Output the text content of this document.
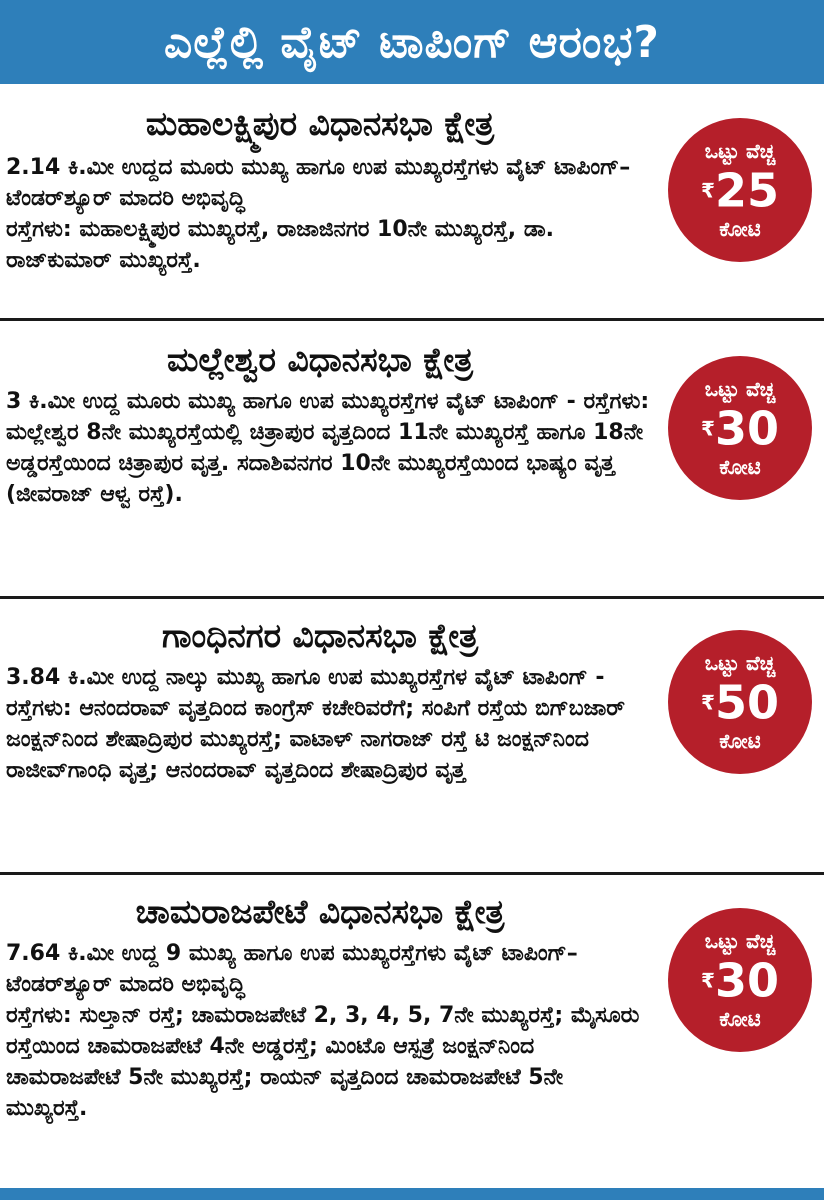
ಎಲ್ಲೆಲ್ಲಿ ವೈಟ್ ಟಾಪಿಂಗ್ ಆರಂಭ?
ಮಹಾಲಕ್ಷ್ಮಿಪುರ ವಿಧಾನಸಭಾ ಕ್ಷೇತ್ರ

2.14 ಕಿ.ಮೀ ಉದ್ದದ ಮೂರು ಮುಖ್ಯ ಹಾಗೂ ಉಪ ಮುಖ್ಯರಸ್ತೆಗಳು ವೈಟ್ ಟಾಪಿಂಗ್– ಟೆಂಡರ್‌ಶ್ಯೂರ್ ಮಾದರಿ ಅಭಿವೃದ್ಧಿ

ರಸ್ತೆಗಳು: ಮಹಾಲಕ್ಷ್ಮಿಪುರ ಮುಖ್ಯರಸ್ತೆ, ರಾಜಾಜಿನಗರ 10ನೇ ಮುಖ್ಯರಸ್ತೆ, ಡಾ. ರಾಜ್‌ಕುಮಾರ್ ಮುಖ್ಯರಸ್ತೆ.

ಒಟ್ಟು ವೆಚ್ಚ
₹25
ಕೋಟಿ
ಮಲ್ಲೇಶ್ವರ ವಿಧಾನಸಭಾ ಕ್ಷೇತ್ರ

3 ಕಿ.ಮೀ ಉದ್ದ ಮೂರು ಮುಖ್ಯ ಹಾಗೂ ಉಪ ಮುಖ್ಯರಸ್ತೆಗಳ ವೈಟ್ ಟಾಪಿಂಗ್ - ರಸ್ತೆಗಳು: ಮಲ್ಲೇಶ್ವರ 8ನೇ ಮುಖ್ಯರಸ್ತೆಯಲ್ಲಿ ಚಿತ್ರಾಪುರ ವೃತ್ತದಿಂದ 11ನೇ ಮುಖ್ಯರಸ್ತೆ ಹಾಗೂ 18ನೇ ಅಡ್ಡರಸ್ತೆಯಿಂದ ಚಿತ್ರಾಪುರ ವೃತ್ತ. ಸದಾಶಿವನಗರ 10ನೇ ಮುಖ್ಯರಸ್ತೆಯಿಂದ ಭಾಷ್ಯಂ ವೃತ್ತ (ಜೀವರಾಜ್ ಆಳ್ವ ರಸ್ತೆ).

ಒಟ್ಟು ವೆಚ್ಚ
₹30
ಕೋಟಿ
ಗಾಂಧಿನಗರ ವಿಧಾನಸಭಾ ಕ್ಷೇತ್ರ

3.84 ಕಿ.ಮೀ ಉದ್ದ ನಾಲ್ಕು ಮುಖ್ಯ ಹಾಗೂ ಉಪ ಮುಖ್ಯರಸ್ತೆಗಳ ವೈಟ್ ಟಾಪಿಂಗ್ - ರಸ್ತೆಗಳು: ಆನಂದರಾವ್ ವೃತ್ತದಿಂದ ಕಾಂಗ್ರೆಸ್ ಕಚೇರಿವರೆಗೆ; ಸಂಪಿಗೆ ರಸ್ತೆಯ ಬಿಗ್‌ಬಜಾರ್ ಜಂಕ್ಷನ್‌ನಿಂದ ಶೇಷಾದ್ರಿಪುರ ಮುಖ್ಯರಸ್ತೆ; ವಾಟಾಳ್ ನಾಗರಾಜ್ ರಸ್ತೆ ಟಿ ಜಂಕ್ಷನ್‌ನಿಂದ ರಾಜೀವ್‌ಗಾಂಧಿ ವೃತ್ತ; ಆನಂದರಾವ್ ವೃತ್ತದಿಂದ ಶೇಷಾದ್ರಿಪುರ ವೃತ್ತ

ಒಟ್ಟು ವೆಚ್ಚ
₹50
ಕೋಟಿ
ಚಾಮರಾಜಪೇಟೆ ವಿಧಾನಸಭಾ ಕ್ಷೇತ್ರ

7.64 ಕಿ.ಮೀ ಉದ್ದ 9 ಮುಖ್ಯ ಹಾಗೂ ಉಪ ಮುಖ್ಯರಸ್ತೆಗಳು ವೈಟ್ ಟಾಪಿಂಗ್– ಟೆಂಡರ್‌ಶ್ಯೂರ್ ಮಾದರಿ ಅಭಿವೃದ್ಧಿ

ರಸ್ತೆಗಳು: ಸುಲ್ತಾನ್ ರಸ್ತೆ; ಚಾಮರಾಜಪೇಟೆ 2, 3, 4, 5, 7ನೇ ಮುಖ್ಯರಸ್ತೆ; ಮೈಸೂರು ರಸ್ತೆಯಿಂದ ಚಾಮರಾಜಪೇಟೆ 4ನೇ ಅಡ್ಡರಸ್ತೆ; ಮಿಂಟೊ ಆಸ್ಪತ್ರೆ ಜಂಕ್ಷನ್‌ನಿಂದ ಚಾಮರಾಜಪೇಟೆ 5ನೇ ಮುಖ್ಯರಸ್ತೆ; ರಾಯನ್ ವೃತ್ತದಿಂದ ಚಾಮರಾಜಪೇಟೆ 5ನೇ ಮುಖ್ಯರಸ್ತೆ.

ಒಟ್ಟು ವೆಚ್ಚ
₹30
ಕೋಟಿ
